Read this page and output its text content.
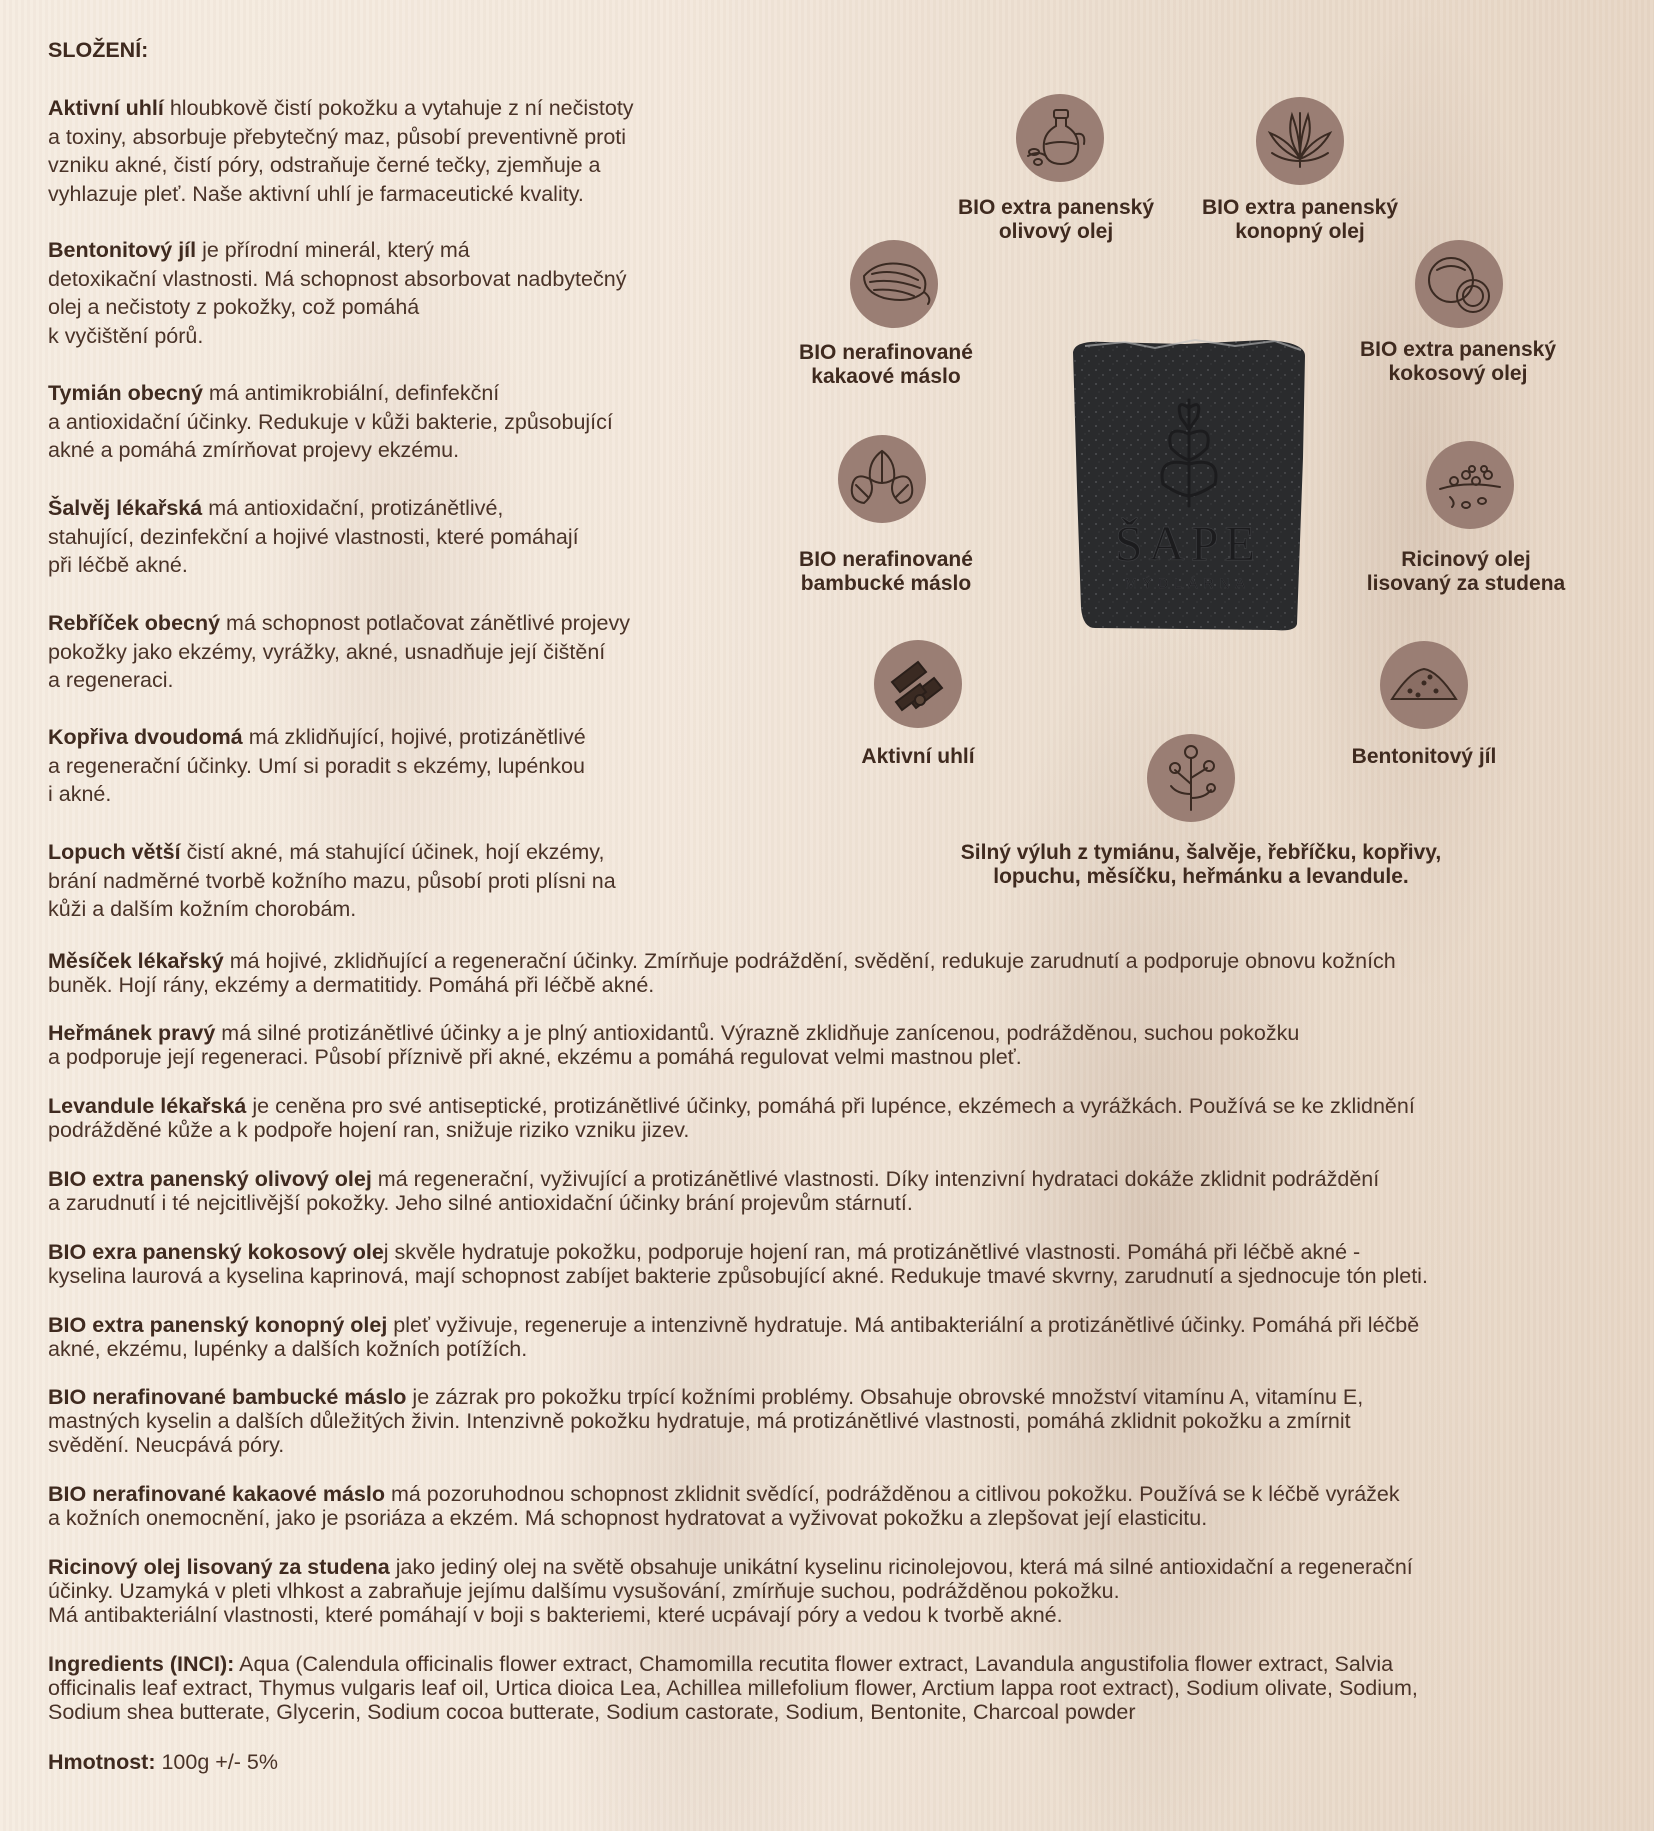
SLOŽENÍ:
Aktivní uhlí hloubkově čistí pokožku a vytahuje z ní nečistoty
a toxiny, absorbuje přebytečný maz, působí preventivně proti
vzniku akné, čistí póry, odstraňuje černé tečky, zjemňuje a
vyhlazuje pleť. Naše aktivní uhlí je farmaceutické kvality.
Bentonitový jíl je přírodní minerál, který má
detoxikační vlastnosti. Má schopnost absorbovat nadbytečný
olej a nečistoty z pokožky, což pomáhá
k vyčištění pórů.
Tymián obecný má antimikrobiální, definfekční
a antioxidační účinky. Redukuje v kůži bakterie, způsobující
akné a pomáhá zmírňovat projevy ekzému.
Šalvěj lékařská má antioxidační, protizánětlivé,
stahující, dezinfekční a hojivé vlastnosti, které pomáhají
při léčbě akné.
Rebříček obecný má schopnost potlačovat zánětlivé projevy
pokožky jako ekzémy, vyrážky, akné, usnadňuje její čištění
a regeneraci.
Kopřiva dvoudomá má zklidňující, hojivé, protizánětlivé
a regenerační účinky. Umí si poradit s ekzémy, lupénkou
i akné.
Lopuch větší čistí akné, má stahující účinek, hojí ekzémy,
brání nadměrné tvorbě kožního mazu, působí proti plísni na
kůži a dalším kožním chorobám.
Měsíček lékařský má hojivé, zklidňující a regenerační účinky. Zmírňuje podráždění, svědění, redukuje zarudnutí a podporuje obnovu kožních
buněk. Hojí rány, ekzémy a dermatitidy. Pomáhá při léčbě akné.
Heřmánek pravý má silné protizánětlivé účinky a je plný antioxidantů. Výrazně zklidňuje zanícenou, podrážděnou, suchou pokožku
a podporuje její regeneraci. Působí příznivě při akné, ekzému a pomáhá regulovat velmi mastnou pleť.
Levandule lékařská je ceněna pro své antiseptické, protizánětlivé účinky, pomáhá při lupénce, ekzémech a vyrážkách. Používá se ke zklidnění
podrážděné kůže a k podpoře hojení ran, snižuje riziko vzniku jizev.
BIO extra panenský olivový olej má regenerační, vyživující a protizánětlivé vlastnosti. Díky intenzivní hydrataci dokáže zklidnit podráždění
a zarudnutí i té nejcitlivější pokožky. Jeho silné antioxidační účinky brání projevům stárnutí.
BIO exra panenský kokosový olej skvěle hydratuje pokožku, podporuje hojení ran, má protizánětlivé vlastnosti. Pomáhá při léčbě akné -
kyselina laurová a kyselina kaprinová, mají schopnost zabíjet bakterie způsobující akné. Redukuje tmavé skvrny, zarudnutí a sjednocuje tón pleti.
BIO extra panenský konopný olej pleť vyživuje, regeneruje a intenzivně hydratuje. Má antibakteriální a protizánětlivé účinky. Pomáhá při léčbě
akné, ekzému, lupénky a dalších kožních potížích.
BIO nerafinované bambucké máslo je zázrak pro pokožku trpící kožními problémy. Obsahuje obrovské množství vitamínu A, vitamínu E,
mastných kyselin a dalších důležitých živin. Intenzivně pokožku hydratuje, má protizánětlivé vlastnosti, pomáhá zklidnit pokožku a zmírnit
svědění. Neucpává póry.
BIO nerafinované kakaové máslo má pozoruhodnou schopnost zklidnit svědící, podrážděnou a citlivou pokožku. Používá se k léčbě vyrážek
a kožních onemocnění, jako je psoriáza a ekzém. Má schopnost hydratovat a vyživovat pokožku a zlepšovat její elasticitu.
Ricinový olej lisovaný za studena jako jediný olej na světě obsahuje unikátní kyselinu ricinolejovou, která má silné antioxidační a regenerační
účinky. Uzamyká v pleti vlhkost a zabraňuje jejímu dalšímu vysušování, zmírňuje suchou, podrážděnou pokožku.
Má antibakteriální vlastnosti, které pomáhají v boji s bakteriemi, které ucpávají póry a vedou k tvorbě akné.
Ingredients (INCI): Aqua (Calendula officinalis flower extract, Chamomilla recutita flower extract, Lavandula angustifolia flower extract, Salvia
officinalis leaf extract, Thymus vulgaris leaf oil, Urtica dioica Lea, Achillea millefolium flower, Arctium lappa root extract), Sodium olivate, Sodium,
Sodium shea butterate, Glycerin, Sodium cocoa butterate, Sodium castorate, Sodium, Bentonite, Charcoal powder
Hmotnost: 100g +/- 5%
ŠAPE
MÝDLÁRNA
BIO extra panenský
olivový olej
BIO extra panenský
konopný olej
BIO nerafinované
kakaové máslo
BIO extra panenský
kokosový olej
BIO nerafinované
bambucké máslo
Ricinový olej
lisovaný za studena
Aktivní uhlí	Bentonitový jíl
Silný výluh z tymiánu, šalvěje, řebříčku, kopřivy,
lopuchu, měsíčku, heřmánku a levandule.
